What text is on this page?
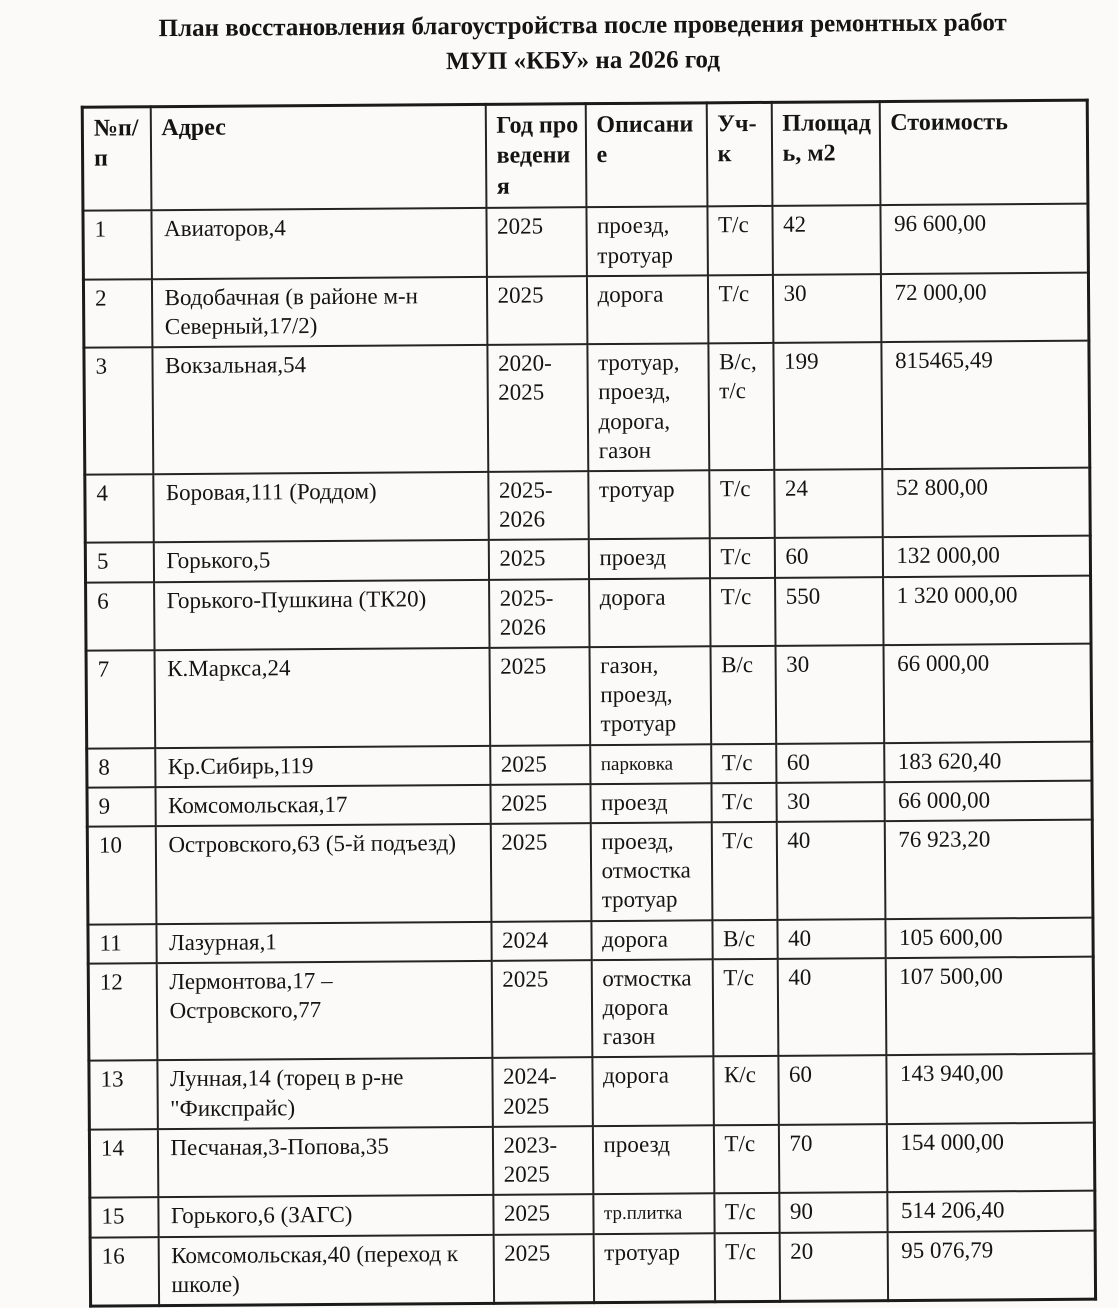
План восстановления благоустройства после проведения ремонтных работ
МУП «КБУ» на 2026 год
№п/п	Адрес	Год проведения	Описание	Уч-к	Площадь, м2	Стоимость
1	Авиаторов,4	2025	проезд, тротуар	Т/с	42	96 600,00
2	Водобачная (в районе м-н Северный,17/2)	2025	дорога	Т/с	30	72 000,00
3	Вокзальная,54	2020-2025	тротуар, проезд, дорога, газон	В/с, т/с	199	815465,49
4	Боровая,111 (Роддом)	2025-2026	тротуар	Т/с	24	52 800,00
5	Горького,5	2025	проезд	Т/с	60	132 000,00
6	Горького-Пушкина (ТК20)	2025-2026	дорога	Т/с	550	1 320 000,00
7	К.Маркса,24	2025	газон, проезд, тротуар	В/с	30	66 000,00
8	Кр.Сибирь,119	2025	парковка	Т/с	60	183 620,40
9	Комсомольская,17	2025	проезд	Т/с	30	66 000,00
10	Островского,63 (5-й подъезд)	2025	проезд, отмостка тротуар	Т/с	40	76 923,20
11	Лазурная,1	2024	дорога	В/с	40	105 600,00
12	Лермонтова,17 – Островского,77	2025	отмостка дорога газон	Т/с	40	107 500,00
13	Лунная,14 (торец в р-не "Фикспрайс)	2024-2025	дорога	К/с	60	143 940,00
14	Песчаная,3-Попова,35	2023-2025	проезд	Т/с	70	154 000,00
15	Горького,6 (ЗАГС)	2025	тр.плитка	Т/с	90	514 206,40
16	Комсомольская,40 (переход к школе)	2025	тротуар	Т/с	20	95 076,79
